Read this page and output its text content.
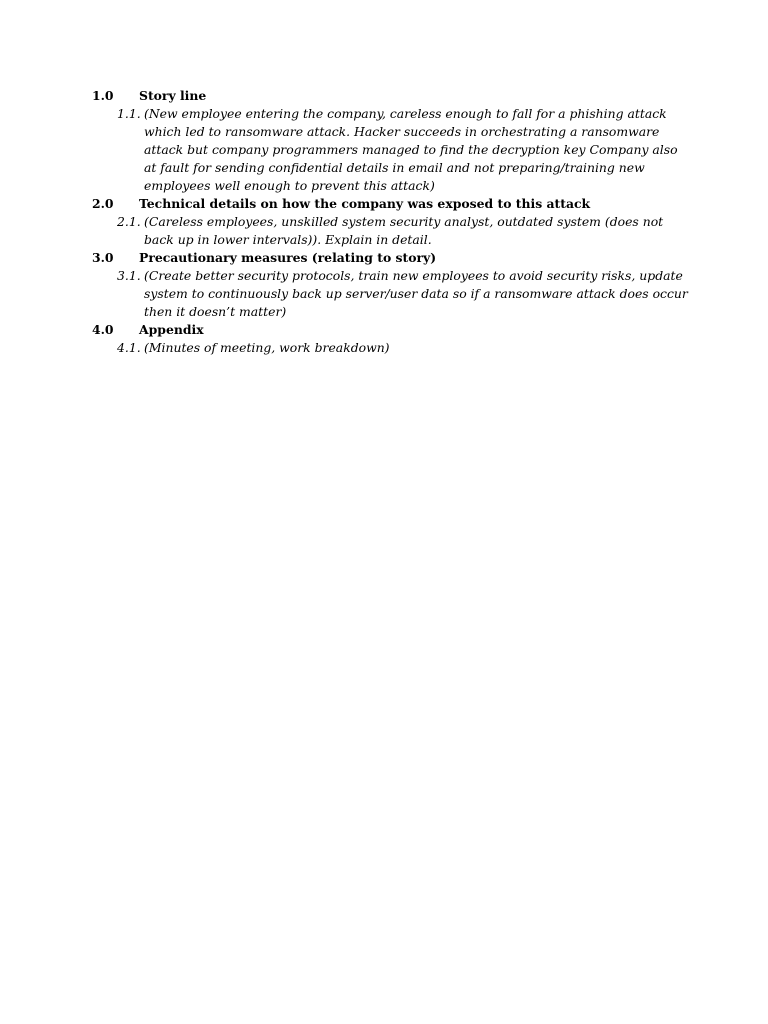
1.0	Story line
1.1. (New employee entering the company, careless enough to fall for a phishing attack which led to ransomware attack. Hacker succeeds in orchestrating a ransomware attack but company programmers managed to find the decryption key Company also at fault for sending confidential details in email and not preparing/training new employees well enough to prevent this attack)
2.0	Technical details on how the company was exposed to this attack
2.1. (Careless employees, unskilled system security analyst, outdated system (does not back up in lower intervals)). Explain in detail.
3.0	Precautionary measures (relating to story)
3.1. (Create better security protocols, train new employees to avoid security risks, update system to continuously back up server/user data so if a ransomware attack does occur then it doesn’t matter)
4.0	Appendix
4.1. (Minutes of meeting, work breakdown)
